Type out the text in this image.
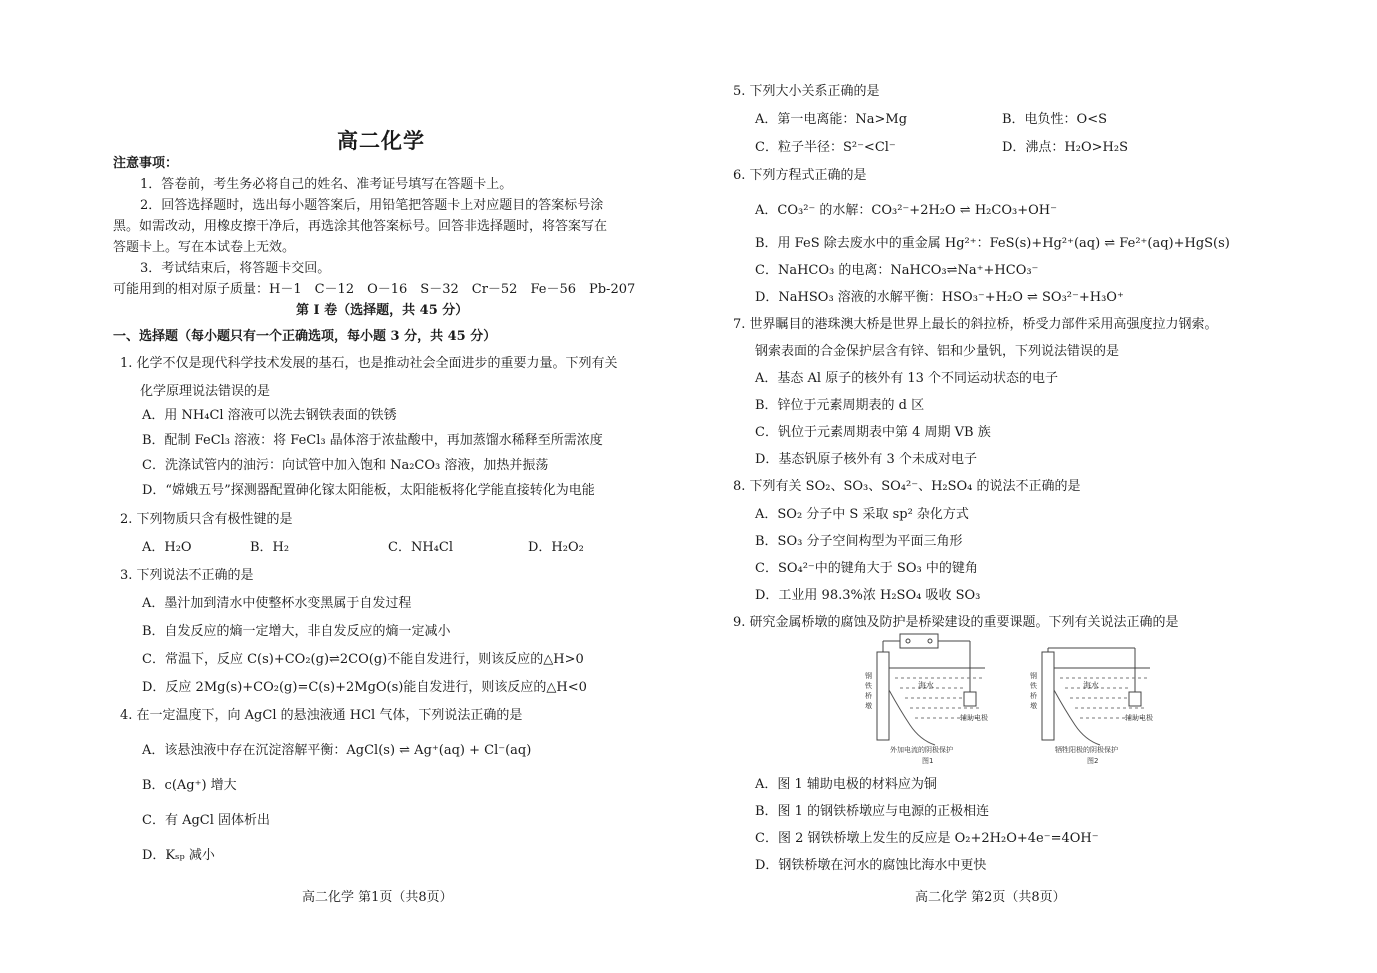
高二化学
注意事项：
1．答卷前，考生务必将自己的姓名、准考证号填写在答题卡上。
2．回答选择题时，选出每小题答案后，用铅笔把答题卡上对应题目的答案标号涂
黑。如需改动，用橡皮擦干净后，再选涂其他答案标号。回答非选择题时，将答案写在
答题卡上。写在本试卷上无效。
3．考试结束后，将答题卡交回。
可能用到的相对原子质量：H－1　C－12　O－16　S－32　Cr－52　Fe－56　Pb-207
第 I 卷（选择题，共 45 分）
一、选择题（每小题只有一个正确选项，每小题 3 分，共 45 分）
1. 化学不仅是现代科学技术发展的基石，也是推动社会全面进步的重要力量。下列有关
化学原理说法错误的是
A．用 NH₄Cl 溶液可以洗去钢铁表面的铁锈
B．配制 FeCl₃ 溶液：将 FeCl₃ 晶体溶于浓盐酸中，再加蒸馏水稀释至所需浓度
C．洗涤试管内的油污：向试管中加入饱和 Na₂CO₃ 溶液，加热并振荡
D．“嫦娥五号”探测器配置砷化镓太阳能板，太阳能板将化学能直接转化为电能
2. 下列物质只含有极性键的是
A．H₂O	B．H₂	C．NH₄Cl	D．H₂O₂
3. 下列说法不正确的是
A．墨汁加到清水中使整杯水变黑属于自发过程
B．自发反应的熵一定增大，非自发反应的熵一定减小
C．常温下，反应 C(s)+CO₂(g)⇌2CO(g)不能自发进行，则该反应的△H>0
D．反应 2Mg(s)+CO₂(g)=C(s)+2MgO(s)能自发进行，则该反应的△H<0
4. 在一定温度下，向 AgCl 的悬浊液通 HCl 气体，下列说法正确的是
A．该悬浊液中存在沉淀溶解平衡：AgCl(s) ⇌ Ag⁺(aq) + Cl⁻(aq)
B．c(Ag⁺) 增大
C．有 AgCl 固体析出
D．Kₛₚ 减小
高二化学 第1页（共8页）
5. 下列大小关系正确的是
A．第一电离能：Na>Mg	B．电负性：O<S
C．粒子半径：S²⁻<Cl⁻	D．沸点：H₂O>H₂S
6. 下列方程式正确的是
A．CO₃²⁻ 的水解：CO₃²⁻+2H₂O ⇌ H₂CO₃+OH⁻
B．用 FeS 除去废水中的重金属 Hg²⁺：FeS(s)+Hg²⁺(aq) ⇌ Fe²⁺(aq)+HgS(s)
C．NaHCO₃ 的电离：NaHCO₃⇌Na⁺+HCO₃⁻
D．NaHSO₃ 溶液的水解平衡：HSO₃⁻+H₂O ⇌ SO₃²⁻+H₃O⁺
7. 世界瞩目的港珠澳大桥是世界上最长的斜拉桥，桥受力部件采用高强度拉力钢索。
钢索表面的合金保护层含有锌、铝和少量钒，下列说法错误的是
A．基态 Al 原子的核外有 13 个不同运动状态的电子
B．锌位于元素周期表的 d 区
C．钒位于元素周期表中第 4 周期 VB 族
D．基态钒原子核外有 3 个未成对电子
8. 下列有关 SO₂、SO₃、SO₄²⁻、H₂SO₄ 的说法不正确的是
A．SO₂ 分子中 S 采取 sp² 杂化方式
B．SO₃ 分子空间构型为平面三角形
C．SO₄²⁻中的键角大于 SO₃ 中的键角
D．工业用 98.3%浓 H₂SO₄ 吸收 SO₃
9. 研究金属桥墩的腐蚀及防护是桥梁建设的重要课题。下列有关说法正确的是
海水
辅助电极
钢
铁
桥
墩
外加电流的阴极保护
图1
海水
辅助电极
钢
铁
桥
墩
牺牲阳极的阴极保护
图2
A．图 1 辅助电极的材料应为铜
B．图 1 的钢铁桥墩应与电源的正极相连
C．图 2 钢铁桥墩上发生的反应是 O₂+2H₂O+4e⁻=4OH⁻
D．钢铁桥墩在河水的腐蚀比海水中更快
高二化学 第2页（共8页）
